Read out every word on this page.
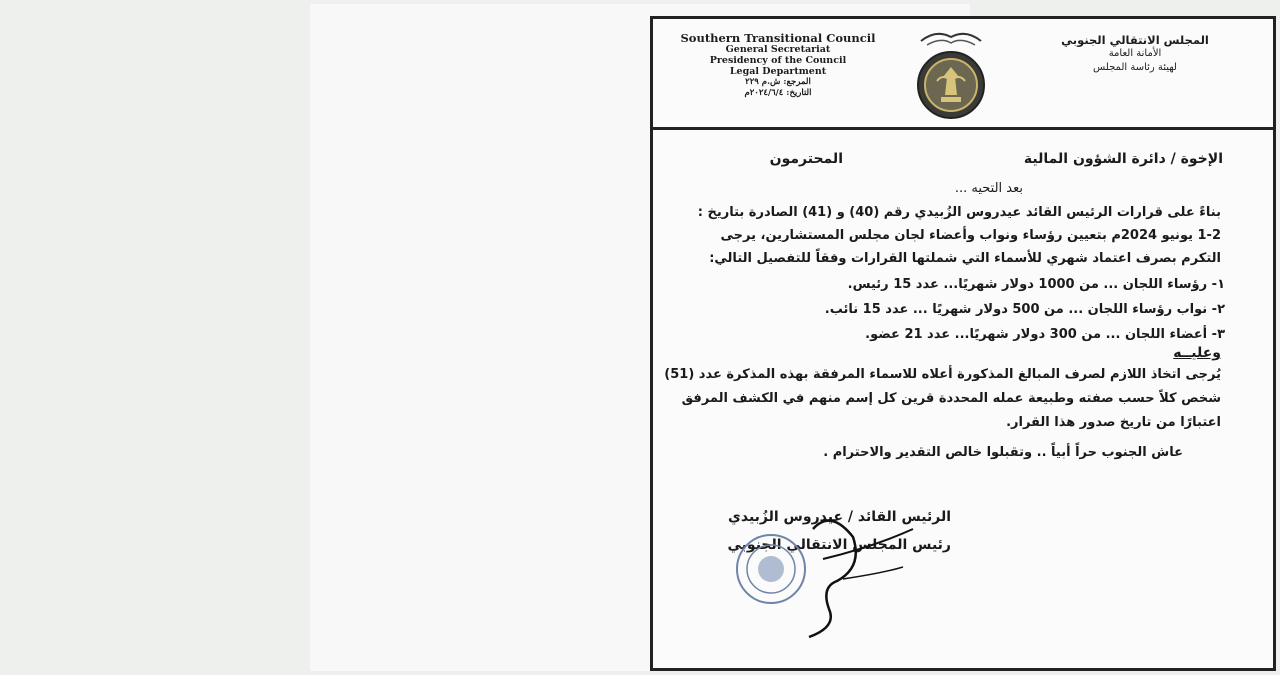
Southern Transitional Council
General Secretariat
Presidency of the Council
Legal Department
المرجع: ش.م ٢٢٩
التاريخ: ٢٠٢٤/٦/٤م
المجلس الانتقالي الجنوبي
الأمانة العامة
لهيئة رئاسة المجلس
الإخوة / دائرة الشؤون المالية
المحترمون
بعد التحيه ...
بناءً على قرارات الرئيس القائد عيدروس الزُبيدي رقم (40) و (41) الصادرة بتاريخ :
1-2 يونيو 2024م بتعيين رؤساء ونواب وأعضاء لجان مجلس المستشارين، يرجى
التكرم بصرف اعتماد شهري للأسماء التي شملتها القرارات وفقاً للتفصيل التالي:
١- رؤساء اللجان ... من 1000 دولار شهريًا... عدد 15 رئيس.
٢- نواب رؤساء اللجان ... من 500 دولار شهريًا ... عدد 15 نائب.
٣- أعضاء اللجان ... من 300 دولار شهريًا... عدد 21 عضو.
وعليــه
يُرجى اتخاذ اللازم لصرف المبالغ المذكورة أعلاه للاسماء المرفقة بهذه المذكرة عدد (51)
شخص كلاً حسب صفته وطبيعة عمله المحددة قرين كل إسم منهم في الكشف المرفق
اعتبارًا من تاريخ صدور هذا القرار.
عاش الجنوب حراً أبياً .. وتقبلوا خالص التقدير والاحترام .
الرئيس القائد / عيدروس الزُبيدي
رئيس المجلس الانتقالي الجنوبي
